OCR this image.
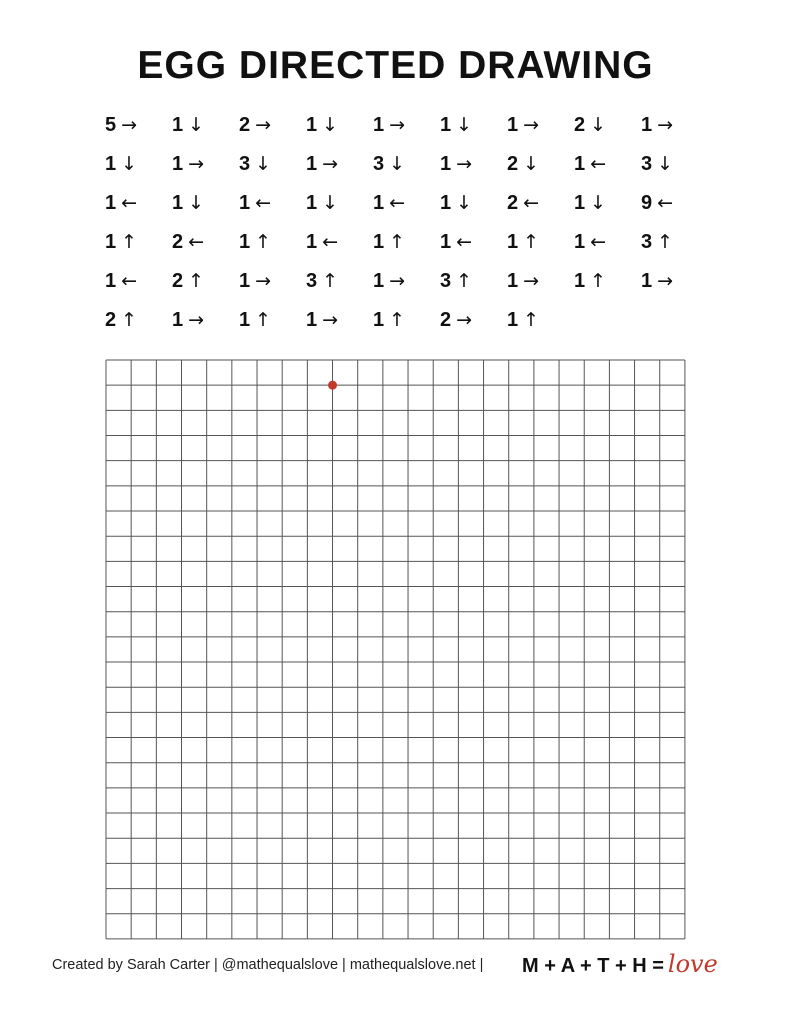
EGG DIRECTED DRAWING
5 → 1 ↓ 2 → 1 ↓ 1 → 1 ↓ 1 → 2 ↓ 1 →
1 ↓ 1 → 3 ↓ 1 → 3 ↓ 1 → 2 ↓ 1 ← 3 ↓
1 ← 1 ↓ 1 ← 1 ↓ 1 ← 1 ↓ 2 ← 1 ↓ 9 ←
1 ↑ 2 ← 1 ↑ 1 ← 1 ↑ 1 ← 1 ↑ 1 ← 3 ↑
1 ← 2 ↑ 1 → 3 ↑ 1 → 3 ↑ 1 → 1 ↑ 1 →
2 ↑ 1 → 1 ↑ 1 → 1 ↑ 2 → 1 ↑
Created by Sarah Carter | @mathequalslove | mathequalslove.net | M + A + T + H = love
